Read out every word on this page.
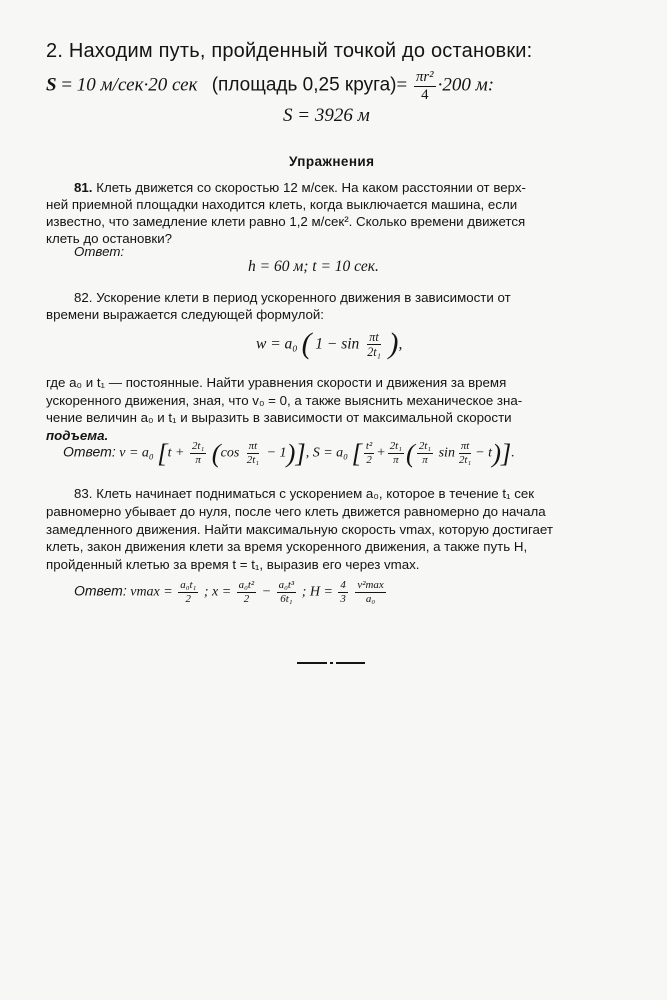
2. Находим путь, пройденный точкой до остановки:
S = 10 м/сек·20 сек (площадь 0,25 круга)= $\frac{\text{πr²}}{4} \cdot 200$ м:
S = 3926 м
Упражнения
81. Клеть движется со скоростью 12 м/сек. На каком расстоянии от верх-
ней приемной площадки находится клеть, когда выключается машина, если
известно, что замедление клети равно 1,2 м/сек². Сколько времени движется
клеть до остановки?
Ответ:
h = 60 м; t = 10 сек.
82. Ускорение клети в период ускоренного движения в зависимости от
времени выражается следующей формулой:
w = a₀ ( $1 - \sin \frac{\pi t}{\text{2t₁}}$ ),
где a₀ и t₁ — постоянные. Найти уравнения скорости и движения за время
ускоренного движения, зная, что v₀ = 0, а также выяснить механическое зна-
чение величин a₀ и t₁ и выразить в зависимости от максимальной скорости
подъема.
Ответ: v = a₀ $[t + \frac{\text{2t₁}}{\pi} (\cos \frac{\pi t}{\text{2t₁}} - 1)]$, S = a₀ [ $\frac{\text{t²}}{2} + \frac{\text{2t₁}}{\pi}$ ( $\frac{\text{2t₁}}{\pi}$ $\sin \frac{\pi t}{\text{2t₁}} - t$)].
83. Клеть начинает подниматься с ускорением a₀, которое в течение t₁ сек
равномерно убывает до нуля, после чего клеть движется равномерно до начала
замедленного движения. Найти максимальную скорость vmax, которую достигает
клеть, закон движения клети за время ускоренного движения, а также путь H,
пройденный клетью за время t = t₁, выразив его через vmax.
Ответ: $vmax = \frac{\text{a₀t₁}}{2}$ ; $x = \frac{\text{a₀t²}}{2} - \frac{\text{a₀t³}}{\text{6t₁}}$ ; $H = \frac{4}{3}$
$\frac{\text{v²max}}{\text{a₀}}$
